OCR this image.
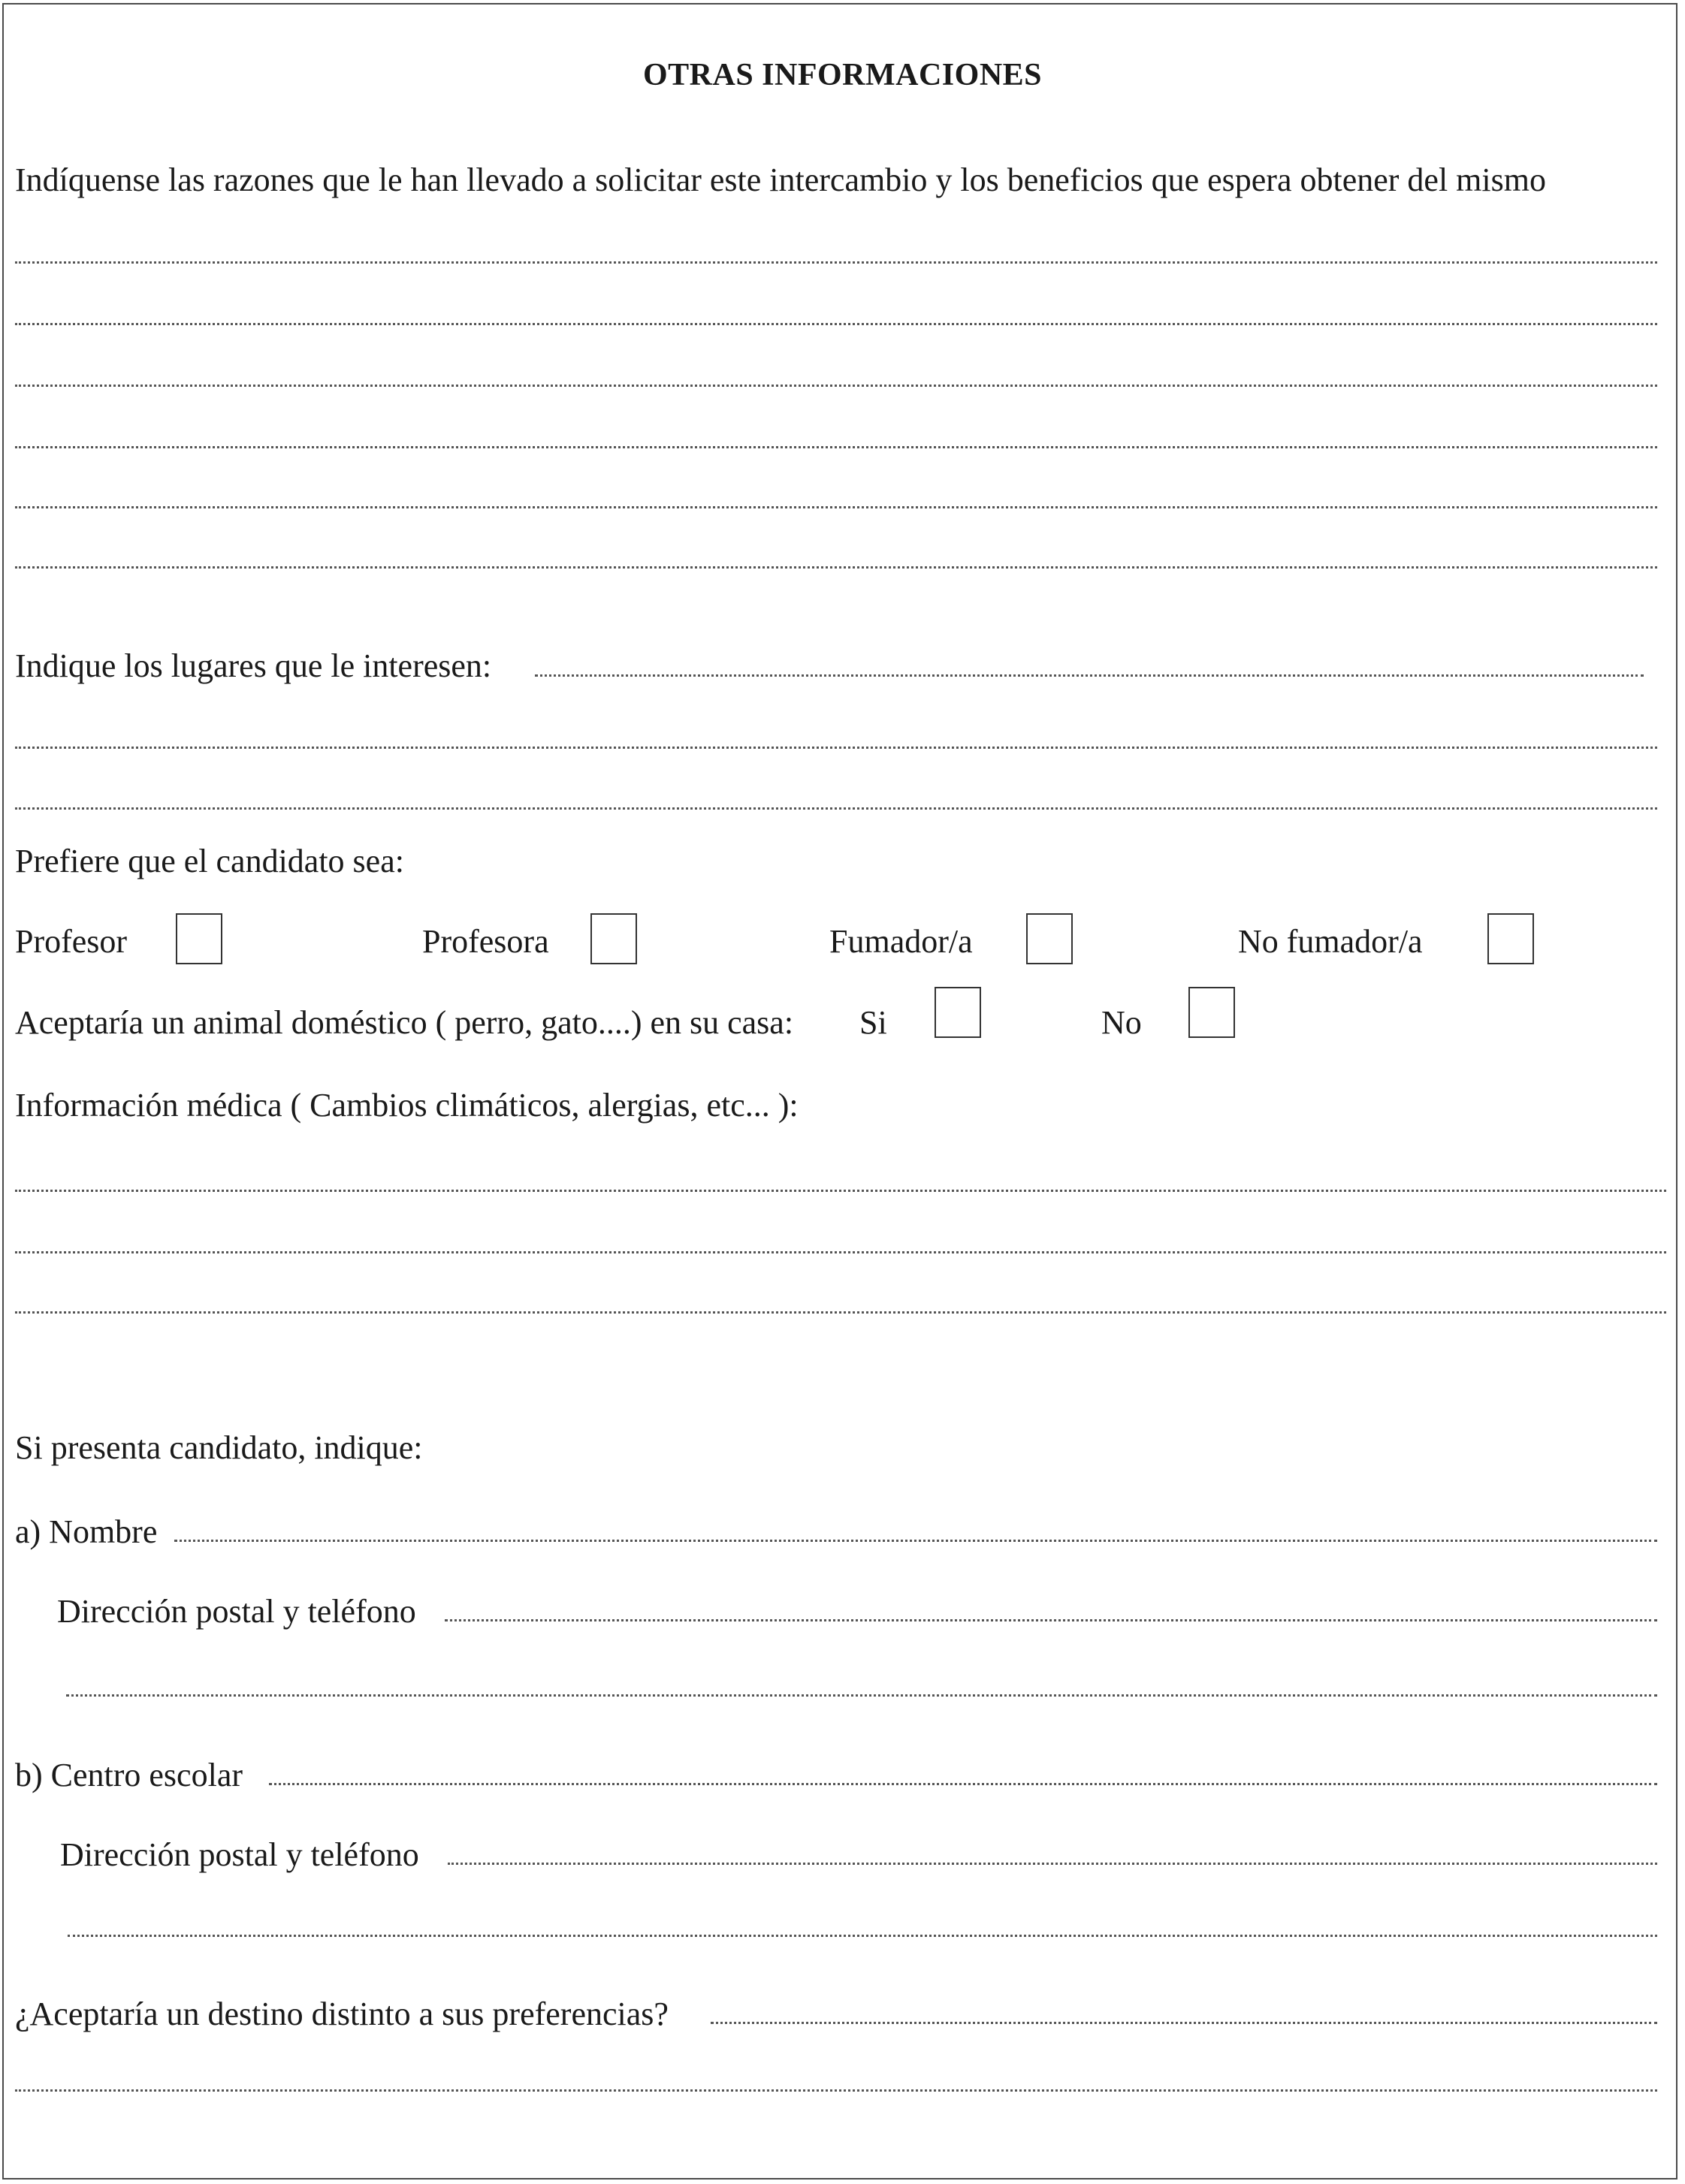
OTRAS INFORMACIONES
Indíquense las razones que le han llevado a solicitar este intercambio y los beneficios que espera obtener del mismo
Indique los lugares que le interesen:
Prefiere que el candidato sea:
Profesor	Profesora	Fumador/a	No fumador/a
Aceptaría un animal doméstico ( perro, gato....) en su casa: Si	No
Información médica ( Cambios climáticos, alergias, etc... ):
Si presenta candidato, indique:
a) Nombre
Dirección postal y teléfono
b) Centro escolar
Dirección postal y teléfono
¿Aceptaría un destino distinto a sus preferencias?
